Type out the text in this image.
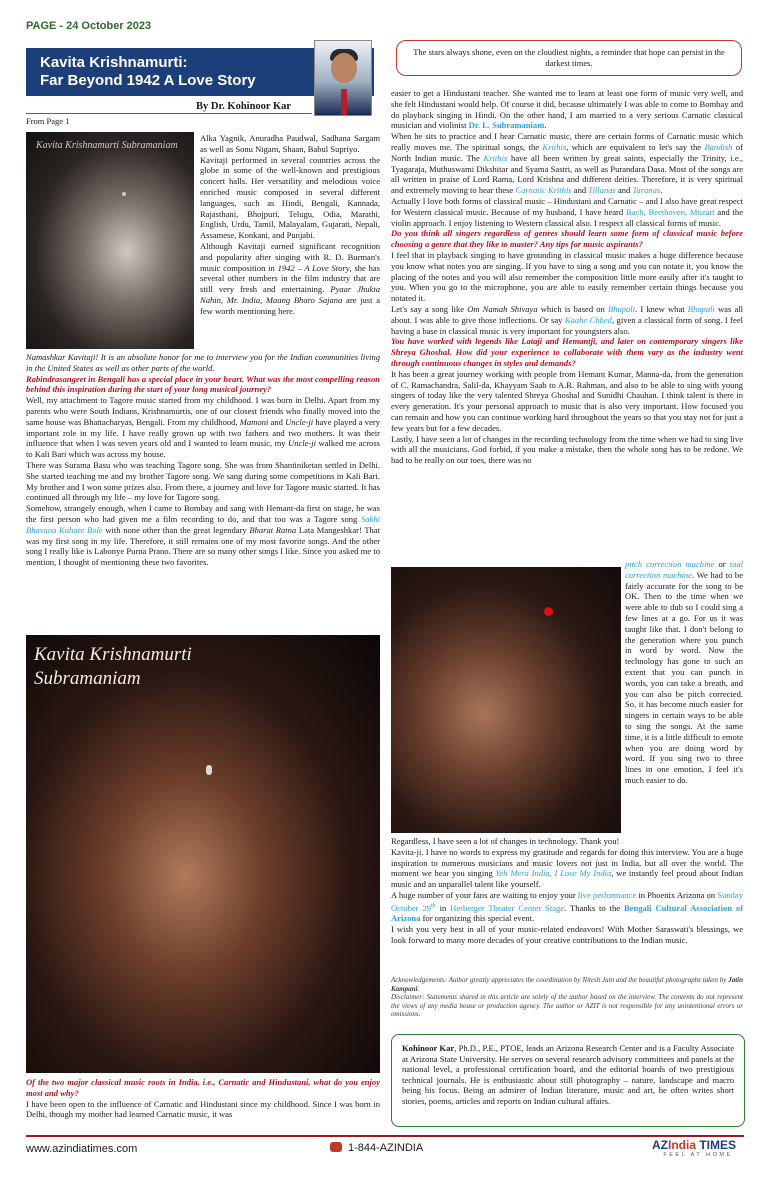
PAGE - 24 October 2023
Kavita Krishnamurti:
Far Beyond 1942 A Love Story
By Dr. Kohinoor Kar
From Page 1
The stars always shone, even on the cloudiest nights, a reminder that hope can persist in the darkest times.
Kavita Krishnamurti Subramaniam

Alka Yagnik, Anuradha Paudwal, Sadhana Sargam as well as Sonu Nigam, Shaan, Babul Supriyo.

Kavitaji performed in several countries across the globe in some of the well-known and prestigious concert halls. Her versatility and melodious voice enriched music composed in several different languages, such as Hindi, Bengali, Kannada, Rajasthani, Bhojpuri, Telugu, Odia, Marathi, English, Urdu, Tamil, Malayalam, Gujarati, Nepali, Assamese, Konkani, and Punjabi.

Although Kavitaji earned significant recognition and popularity after singing with R. D. Burman's music composition in 1942 – A Love Story, she has several other numbers in the film industry that are still very fresh and entertaining. Pyaar Jhukta Nahin, Mr. India, Maang Bharo Sajana are just a few worth mentioning here.

Namashkar Kavitaji! It is an absolute honor for me to interview you for the Indian communities living in the United States as well as other parts of the world.

Rabindrasangeet in Bengali has a special place in your heart. What was the most compelling reason behind this inspiration during the start of your long musical journey?

Well, my attachment to Tagore music started from my childhood. I was born in Delhi. Apart from my parents who were South Indians, Krishnamurtis, one of our closest friends who finally moved into the same house was Bhattacharyas, Bengali. From my childhood, Mamoni and Uncle-ji have played a very important role in my life. I have really grown up with two fathers and two mothers. It was their influence that when I was seven years old and I wanted to learn music, my Uncle-ji walked me across to Kali Bari which was across my house.

There was Surama Basu who was teaching Tagore song. She was from Shantiniketan settled in Delhi. She started teaching me and my brother Tagore song. We sang during some competitions in Kali Bari. My brother and I won some prizes also. From there, a journey and love for Tagore music started. It has continued all through my life – my love for Tagore song.

Somehow, strangely enough, when I came to Bombay and sang with Hemant-da first on stage, he was the first person who had given me a film recording to do, and that too was a Tagore song Sakhi Bhavana Kahare Bole with none other than the great legendary Bharat Ratna Lata Mangeshkar! That was my first song in my life. Therefore, it still remains one of my most favorite songs. And the other song I really like is Labonye Purna Prano. There are so many other songs I like. Since you asked me to mention, I thought of mentioning these two favorites.

Kavita Krishnamurti
Subramaniam

Of the two major classical music roots in India, i.e., Carnatic and Hindustani, what do you enjoy most and why?

I have been open to the influence of Carnatic and Hindustani since my childhood. Since I was born in Delhi, though my mother had learned Carnatic music, it was

easier to get a Hindustani teacher. She wanted me to learn at least one form of music very well, and she felt Hindustani would help. Of course it did, because ultimately I was able to come to Bombay and do playback singing in Hindi. On the other hand, I am married to a very serious Carnatic classical musician and violinist Dr. L. Subramaniam.

When he sits to practice and I hear Carnatic music, there are certain forms of Carnatic music which really moves me. The spiritual songs, the Krithis, which are equivalent to let's say the Bandish of North Indian music. The Krithis have all been written by great saints, especially the Trinity, i.e., Tyagaraja, Muthuswami Dikshitar and Syama Sastri, as well as Purandara Dasa. Most of the songs are all written in praise of Lord Rama, Lord Krishna and different deities. Therefore, it is very spiritual and extremely moving to hear these Carnatic Krithis and Tillanas and Taranas.

Actually I love both forms of classical music – Hindustani and Carnatic – and I also have great respect for Western classical music. Because of my husband, I have heard Bach, Beethoven, Mozart and the violin approach. I enjoy listening to Western classical also. I respect all classical forms of music.

Do you think all singers regardless of genres should learn some form of classical music before choosing a genre that they like to master? Any tips for music aspirants?

I feel that in playback singing to have grounding in classical music makes a huge difference because you know what notes you are singing. If you have to sing a song and you can notate it, you know the placing of the notes and you will also remember the composition little more easily after it's taught to you. When you go to the microphone, you are able to easily remember certain things because you notated it.

Let's say a song like Om Namah Shivaya which is based on Bhupali. I knew what Bhupali was all about. I was able to give those inflections. Or say Kaahe Chhed, given a classical form of song. I feel having a base in classical music is very important for youngsters also.

You have worked with legends like Lataji and Hemantji, and later on contemporary singers like Shreya Ghoshal. How did your experience to collaborate with them vary as the industry went through continuous changes in styles and demands?

It has been a great journey working with people from Hemant Kumar, Manna-da, from the generation of C. Ramachandra, Salil-da, Khayyam Saab to A.R. Rahman, and also to be able to sing with young singers of today like the very talented Shreya Ghoshal and Sunidhi Chauhan. I think talent is there in every generation. It's your personal approach to music that is also very important. How focused you can remain and how you can continue working hard throughout the years so that you stay not for just a few years but for a few decades.

Lastly, I have seen a lot of changes in the recording technology from the time when we had to sing live with all the musicians. God forbid, if you make a mistake, then the whole song has to be redone. We had to be really on our toes, there was no

pitch correction machine or taal correction machine. We had to be fairly accurate for the song to be OK. Then to the time when we were able to dub so I could sing a few lines at a go. For us it was taught like that. I don't belong to the generation where you punch in word by word. Now the technology has gone to such an extent that you can punch in words, you can take a breath, and you can also be pitch corrected. So, it has become much easier for singers in certain ways to be able to sing the songs. At the same time, it is a little difficult to emote when you are doing word by word. If you sing two to three lines in one emotion, I feel it's much easier to do.

Regardless, I have seen a lot of changes in technology. Thank you!

Kavita-ji. I have no words to express my gratitude and regards for doing this interview. You are a huge inspiration to numerous musicians and music lovers not just in India, but all over the world. The moment we hear you singing Yeh Mera India, I Love My India, we instantly feel proud about Indian music and an unparallel talent like yourself.

A huge number of your fans are waiting to enjoy your live performance in Phoenix Arizona on Sunday October 29th in Herberger Theater Center Stage. Thanks to the Bengali Cultural Association of Arizona for organizing this special event.

I wish you very best in all of your music-related endeavors! With Mother Saraswati's blessings, we look forward to many more decades of your creative contributions to the Indian music.

Acknowledgements: Author greatly appreciates the coordination by Nitesh Jain and the beautiful photographs taken by Jatin Kampani.

Disclaimer: Statements shared in this article are solely of the author based on the interview. The contents do not represent the views of any media house or production agency. The author or AZIT is not responsible for any unintentional errors or omissions.

Kohinoor Kar, Ph.D., P.E., PTOE, leads an Arizona Research Center and is a Faculty Associate at Arizona State University. He serves on several research advisory committees and panels at the national level, a professional certification board, and the editorial boards of two prestigious technical journals. He is enthusiastic about still photography – nature, landscape and macro being his focus. Being an admirer of Indian literature, music and art, he often writes short stories, poems, articles and reports on Indian cultural affairs.
www.azindiatimes.com	1-844-AZINDIA	AZIndia TIMES
FEEL AT HOME
